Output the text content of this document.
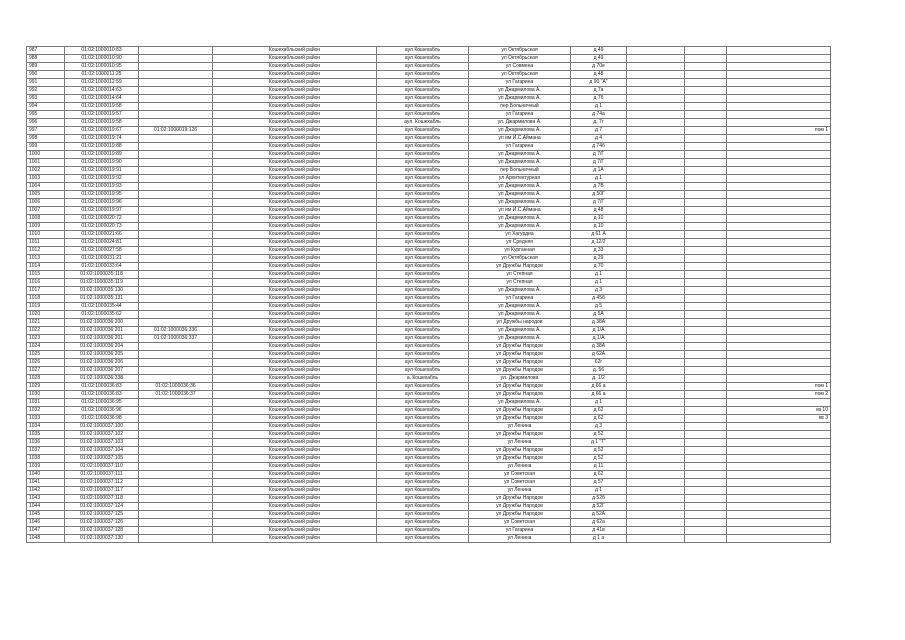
987	01:02:1000010:83		Кошехабльский район	аул Кошехабль	ул Октябрьская	д 49			
988	01:02:1000010:90		Кошехабльский район	аул Кошехабль	ул Октябрьская	д 49			
989	01:02:1000010:95		Кошехабльский район	аул Кошехабль	ул Совмена	д 70е			
990	01:02:1000011:25		Кошехабльский район	аул Кошехабль	ул Октябрьская	д 48			
991	01:02:1000012:59		Кошехабльский район	аул Кошехабль	ул Гагарина	д 90 "А"			
992	01:02:1000014:63		Кошехабльский район	аул Кошехабль	ул Джармилова А.	д 7а			
993	01:02:1000014:64		Кошехабльский район	аул Кошехабль	ул Джармилова А.	д 7б			
994	01:02:1000019:58		Кошехабльский район	аул Кошехабль	пер Больничный	д 1			
995	01:02:1000019:57		Кошехабльский район	аул Кошехабль	ул Гагарина	д 74а			
996	01:02:1000019:58		Кошехабльский район	аул. Кошехабль	ул. Джармилова А.	д. 7г			
997	01:02:1000019:67	01:02:1000019:126	Кошехабльский район	аул Кошехабль	ул Джармилова А.	д 7			пом 1
998	01:02:1000019:74		Кошехабльский район	аул Кошехабль	ул им И.С.Аймана	д 4			
999	01:02:1000019:88		Кошехабльский район	аул Кошехабль	ул Гагарина	д 74б			
1000	01:02:1000019:89		Кошехабльский район	аул Кошехабль	ул Джармилова А.	д 7/Г			
1001	01:02:1000019:90		Кошехабльский район	аул Кошехабль	ул Джармилова А.	д 7/Г			
1002	01:02:1000019:91		Кошехабльский район	аул Кошехабль	пер Больничный	д 1А			
1003	01:02:1000019:92		Кошехабльский район	аул Кошехабль	ул Архитектурная	д 1			
1004	01:02:1000019:93		Кошехабльский район	аул Кошехабль	ул Джармилова А.	д 7В			
1005	01:02:1000019:95		Кошехабльский район	аул Кошехабль	ул Джармилова А.	д 50Г			
1006	01:02:1000019:96		Кошехабльский район	аул Кошехабль	ул Джармилова А.	д 7/Г			
1007	01:02:1000019:97		Кошехабльский район	аул Кошехабль	ул им И.С.Аймана	д 48			
1008	01:02:1000020:72		Кошехабльский район	аул Кошехабль	ул Джармилова А.	д 10			
1009	01:02:1000020:73		Кошехабльский район	аул Кошехабль	ул Джармилова А.	д 10			
1010	01:02:1000021:66		Кошехабльский район	аул Кошехабль	ул Хагурдиа	д 61 А			
1011	01:02:1000024:81		Кошехабльский район	аул Кошехабль	ул Средняя	д 12/2			
1012	01:02:1000027:58		Кошехабльский район	аул Кошехабль	ул Курганная	д 33			
1013	01:02:1000031:21		Кошехабльский район	аул Кошехабль	ул Октябрьская	д 29			
1014	01:02:1000033:64		Кошехабльский район	аул Кошехабль	ул Дружбы Народов	д 70			
1015	01:02:1000035:118		Кошехабльский район	аул Кошехабль	ул Степная	д 1			
1016	01:02:1000035:119		Кошехабльский район	аул Кошехабль	ул Степная	д 1			
1017	01:02:1000035:130		Кошехабльский район	аул Кошехабль	ул Джармилова А.	д 3			
1018	01:02:1000035:131		Кошехабльский район	аул Кошехабль	ул Гагарина	д 45б			
1019	01:02:1000035:44		Кошехабльский район	аул Кошехабль	ул Джармилова А.	д 5			
1020	01:02:1000035:62		Кошехабльский район	аул Кошехабль	ул Джармилова А.	д 5А			
1021	01:02:1000036:200		Кошехабльский район	аул Кошехабль	ул Дружбы народов	д 38А			
1022	01:02:1000036:201	01:02:1000036:336	Кошехабльский район	аул Кошехабль	ул Джармилова А.	д 1/А			
1023	01:02:1000036:201	01:02:1000036:337	Кошехабльский район	аул Кошехабль	ул Джармилова А.	д 1/А			
1024	01:02:1000036:204		Кошехабльский район	аул Кошехабль	ул Дружбы Народов	д 38А			
1025	01:02:1000036:205		Кошехабльский район	аул Кошехабль	ул Дружбы Народов	д 62А			
1026	01:02:1000036:206		Кошехабльский район	аул Кошехабль	ул Дружбы Народов	62г			
1027	01:02:1000036:207		Кошехабльский район	аул Кошехабль	ул Дружбы Народов	д. 56			
1028	01:02:1000036:338		Кошехабльский район	а. Кошехабль	ул. Джармилова	д. 1/2			
1029	01:02:1000036:83	01:02:1000036:36	Кошехабльский район	аул Кошехабль	ул Дружбы Народов	д 66 а			пом 1
1030	01:02:1000036:83	01:02:1000036:37	Кошехабльский район	аул Кошехабль	ул Дружбы Народов	д 66 а			пом 2
1031	01:02:1000036:95		Кошехабльский район	аул Кошехабль	ул Джармилова А.	д 1			
1032	01:02:1000036:96		Кошехабльский район	аул Кошехабль	ул Дружбы Народов	д 62			кв 10
1033	01:02:1000036:98		Кошехабльский район	аул Кошехабль	ул Дружбы Народов	д 62			кв 3
1034	01:02:1000037:100		Кошехабльский район	аул Кошехабль	ул Ленина	д 3			
1035	01:02:1000037:102		Кошехабльский район	аул Кошехабль	ул Дружбы Народов	д 52			
1036	01:02:1000037:103		Кошехабльский район	аул Кошехабль	ул Ленина	д 1 "Т"			
1037	01:02:1000037:104		Кошехабльский район	аул Кошехабль	ул Дружбы Народов	д 52			
1038	01:02:1000037:105		Кошехабльский район	аул Кошехабль	ул Дружбы Народов	д 52			
1039	01:02:1000037:110		Кошехабльский район	аул Кошехабль	ул Ленина	д 11			
1040	01:02:1000037:111		Кошехабльский район	аул Кошехабль	ул Советская	д 62			
1041	01:02:1000037:112		Кошехабльский район	аул Кошехабль	ул Советская	д 57			
1042	01:02:1000037:117		Кошехабльский район	аул Кошехабль	ул Ленина	д 1			
1043	01:02:1000037:118		Кошехабльский район	аул Кошехабль	ул Дружбы Народов	д 52б			
1044	01:02:1000037:124		Кошехабльский район	аул Кошехабль	ул Дружбы Народов	д 52Г			
1045	01:02:1000037:125		Кошехабльский район	аул Кошехабль	ул Дружбы Народов	д 52А			
1046	01:02:1000037:126		Кошехабльский район	аул Кошехабль	ул Советская	д 62а			
1047	01:02:1000037:128		Кошехабльский район	аул Кошехабль	ул Гагарина	д 41в			
1048	01:02:1000037:130		Кошехабльский район	аул Кошехабль	ул Ленина	д 1 а			
